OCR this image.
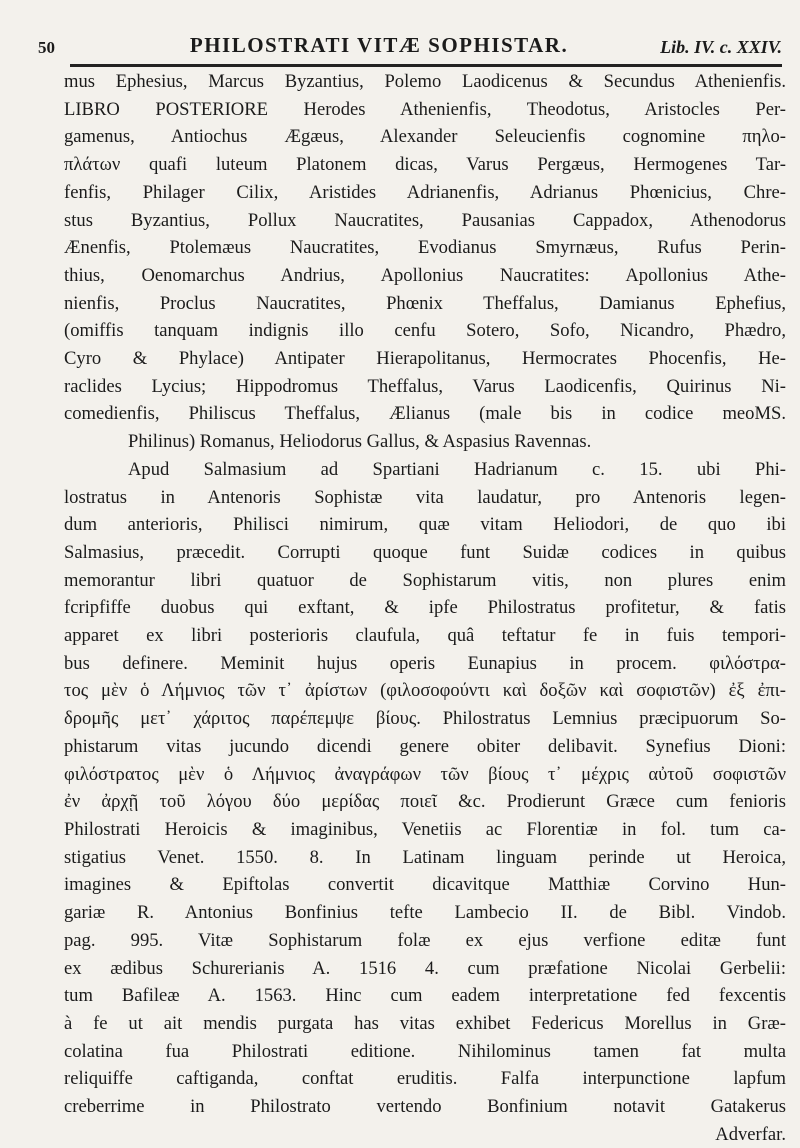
50	PHILOSTRATI VITÆ SOPHISTAR.	Lib. IV. c. XXIV.
mus Ephesius, Marcus Byzantius, Polemo Laodicenus & Secundus Athenienfis.
LIBRO POSTERIORE Herodes Athenienfis, Theodotus, Aristocles Per-
gamenus, Antiochus Ægæus, Alexander Seleucienfis cognomine πηλο-
πλάτων quafi luteum Platonem dicas, Varus Pergæus, Hermogenes Tar-
fenfis, Philager Cilix, Aristides Adrianenfis, Adrianus Phœnicius, Chre-
stus Byzantius, Pollux Naucratites, Pausanias Cappadox, Athenodorus
Ænenfis, Ptolemæus Naucratites, Evodianus Smyrnæus, Rufus Perin-
thius, Oenomarchus Andrius, Apollonius Naucratites: Apollonius Athe-
nienfis, Proclus Naucratites, Phœnix Theffalus, Damianus Ephefius,
(omiffis tanquam indignis illo cenfu Sotero, Sofo, Nicandro, Phædro,
Cyro & Phylace) Antipater Hierapolitanus, Hermocrates Phocenfis, He-
raclides Lycius; Hippodromus Theffalus, Varus Laodicenfis, Quirinus Ni-
comedienfis, Philiscus Theffalus, Ælianus (male bis in codice meoMS.
Philinus) Romanus, Heliodorus Gallus, & Aspasius Ravennas.
Apud Salmasium ad Spartiani Hadrianum c. 15. ubi Phi-
lostratus in Antenoris Sophistæ vita laudatur, pro Antenoris legen-
dum anterioris, Philisci nimirum, quæ vitam Heliodori, de quo ibi
Salmasius, præcedit. Corrupti quoque funt Suidæ codices in quibus
memorantur libri quatuor de Sophistarum vitis, non plures enim
fcripfiffe duobus qui exftant, & ipfe Philostratus profitetur, & fatis
apparet ex libri posterioris claufula, quâ teftatur fe in fuis tempori-
bus definere. Meminit hujus operis Eunapius in procem. φιλόστρα-
τος μὲν ὁ Λήμνιος τῶν τ᾽ ἀρίστων (φιλοσοφούντι καὶ δοξῶν καὶ σοφιστῶν) ἐξ ἐπι-
δρομῆς μετ᾽ χάριτος παρέπεμψε βίους. Philostratus Lemnius præcipuorum So-
phistarum vitas jucundo dicendi genere obiter delibavit. Synefius Dioni:
φιλόστρατος μὲν ὁ Λήμνιος ἀναγράφων τῶν βίους τ᾽ μέχρις αὐτοῦ σοφιστῶν
ἐν ἀρχῇ τοῦ λόγου δύο μερίδας ποιεῖ &c. Prodierunt Græce cum fenioris
Philostrati Heroicis & imaginibus, Venetiis ac Florentiæ in fol. tum ca-
stigatius Venet. 1550. 8. In Latinam linguam perinde ut Heroica,
imagines & Epiftolas convertit dicavitque Matthiæ Corvino Hun-
gariæ R. Antonius Bonfinius tefte Lambecio II. de Bibl. Vindob.
pag. 995. Vitæ Sophistarum folæ ex ejus verfione editæ funt
ex ædibus Schurerianis A. 1516 4. cum præfatione Nicolai Gerbelii:
tum Bafileæ A. 1563. Hinc cum eadem interpretatione fed fexcentis
à fe ut ait mendis purgata has vitas exhibet Federicus Morellus in Græ-
colatina fua Philostrati editione. Nihilominus tamen fat multa
reliquiffe caftiganda, conftat eruditis. Falfa interpunctione lapfum
creberrime in Philostrato vertendo Bonfinium notavit Gatakerus
Adverfar.
